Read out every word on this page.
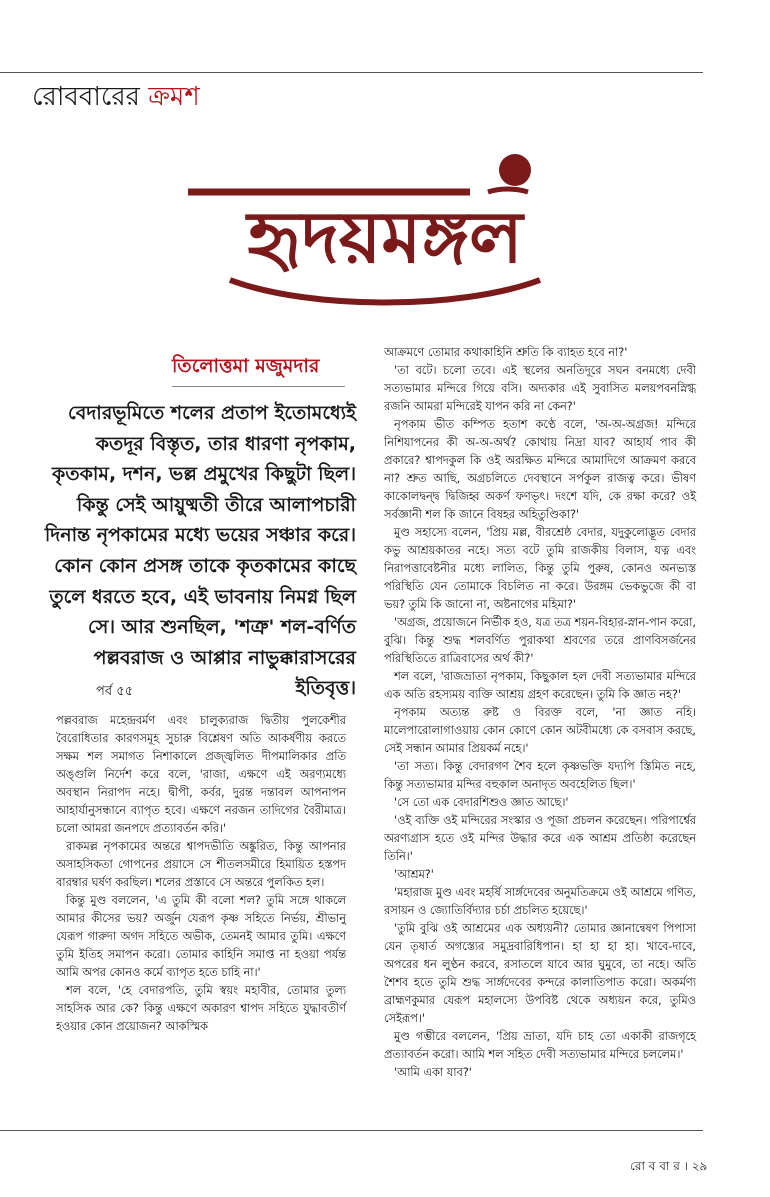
রোববারের ক্রমশ
হৃদয়মঙ্গল
তিলোত্তমা মজুমদার
বেদারভূমিতে শলের প্রতাপ ইতোমধ্যেই কতদূর বিস্তৃত, তার ধারণা নৃপকাম, কৃতকাম, দশন, ভল্ল প্রমুখের কিছুটা ছিল। কিন্তু সেই আয়ুষ্মতী তীরে আলাপচারী দিনান্ত নৃপকামের মধ্যে ভয়ের সঞ্চার করে। কোন কোন প্রসঙ্গ তাকে কৃতকামের কাছে তুলে ধরতে হবে, এই ভাবনায় নিমগ্ন ছিল সে। আর শুনছিল, 'শত্রু' শল-বর্ণিত পল্লবরাজ ও আপ্পার নাভুক্কারাসরের ইতিবৃত্ত।
পর্ব ৫৫

পল্লবরাজ মহেন্দ্রবর্মণ এবং চালুক্যরাজ দ্বিতীয় পুলকেশীর বৈরোধিতার কারণসমূহ সুচারু বিশ্লেষণ অতি আকর্ষণীয় করতে সক্ষম শল সমাগত নিশাকালে প্রজ্জ্বলিত দীপমালিকার প্রতি অঙ্গুলি নির্দেশ করে বলে, 'রাজা, এক্ষণে এই অরণ্যমধ্যে অবস্থান নিরাপদ নহে। দ্বীপী, কর্বর, দুরন্ত দন্তাবল আপনাপন আহার্যানুসন্ধানে ব্যাপৃত হবে। এক্ষণে নরজন তাদিগের বৈরীমাত্র। চলো আমরা জনপদে প্রত্যাবর্তন করি।'

রাকমল্ল নৃপকামের অন্তরে শ্বাপদভীতি অঙ্কুরিত, কিন্তু আপনার অসাহসিকতা গোপনের প্রয়াসে সে শীতলসমীরে হিমায়িত হস্তপদ বারম্বার ঘর্ষণ করছিল। শলের প্রস্তাবে সে অন্তরে পুলকিত হল।

কিন্তু মুণ্ড বললেন, 'এ তুমি কী বলো শল? তুমি সঙ্গে থাকলে আমার কীসের ভয়? অর্জুন যেরূপ কৃষ্ণ সহিতে নির্ভয়, শ্রীভানু যেরূপ গারুদা অগদ সহিতে অভীক, তেমনই আমার তুমি। এক্ষণে তুমি ইতিহ সমাপন করো। তোমার কাহিনি সমাপ্ত না হওয়া পর্যন্ত আমি অপর কোনও কর্মে ব্যাপৃত হতে চাহি না।'

শল বলে, 'হে বেদারপতি, তুমি স্বয়ং মহাবীর, তোমার তুল্য সাহসিক আর কে? কিন্তু এক্ষণে অকারণ শ্বাপদ সহিতে যুদ্ধাবতীর্ণ হওয়ার কোন প্রয়োজন? আকস্মিক

আক্রমণে তোমার কথাকাহিনি শ্রুতি কি ব্যাহত হবে না?'

'তা বটে। চলো তবে। এই স্থলের অনতিদূরে সঘন বনমধ্যে দেবী সত্যভামার মন্দিরে গিয়ে বসি। অদ্যকার এই সুবাসিত মলয়পবনস্নিগ্ধ রজনি আমরা মন্দিরেই যাপন করি না কেন?'

নৃপকাম ভীত কম্পিত হতাশ কণ্ঠে বলে, 'অ-অ-অগ্রজ! মন্দিরে নিশিযাপনের কী অ-অ-অর্থ? কোথায় নিদ্রা যাব? আহার্য পাব কী প্রকারে? শ্বাপদকুল কি ওই অরক্ষিত মন্দিরে আমাদিগে আক্রমণ করবে না? শ্রুত আছি, অগ্রচলিতে দেবস্থানে সর্পকুল রাজত্ব করে। ভীষণ কাকোলদ্বন্দ্ব দ্বিজিহ্ব অকর্ণ ফণভৃৎ। দংশে যদি, কে রক্ষা করে? ওই সর্বজ্ঞানী শল কি জানে বিষহর অহিতুণ্ডিকা?'

মুণ্ড সহাস্যে বলেন, 'প্রিয় মল্ল, বীরশ্রেষ্ঠ বেদার, যদুকুলোদ্ভূত বেদার কভু আশ্রয়কাতর নহে। সত্য বটে তুমি রাজকীয় বিলাস, যত্ন এবং নিরাপত্তাবেষ্টনীর মধ্যে লালিত, কিন্তু তুমি পুরুষ, কোনও অনভ্যস্ত পরিস্থিতি যেন তোমাকে বিচলিত না করে। উরঙ্গম ভেকভুজে কী বা ভয়? তুমি কি জানো না, অষ্টনাগের মহিমা?'

'অগ্রজ, প্রয়োজনে নির্ভীক হও, যত্র তত্র শয়ন-বিহার-স্নান-পান করো, বুঝি। কিন্তু শুদ্ধ শলবর্ণিত পুরাকথা শ্রবণের তরে প্রাণবিসর্জনের পরিস্থিতিতে রাত্রিবাসের অর্থ কী?'

শল বলে, 'রাজভ্রাতা নৃপকাম, কিছুকাল হল দেবী সত্যভামার মন্দিরে এক অতি রহস্যময় ব্যক্তি আশ্রয় গ্রহণ করেছেন। তুমি কি জ্ঞাত নহ?'

নৃপকাম অত্যন্ত রুষ্ট ও বিরক্ত বলে, 'না জ্ঞাত নহি। মালেপারোলাগাওয়ায় কোন কোণে কোন অটবীমধ্যে কে বসবাস করছে, সেই সন্ধান আমার প্রিয়কর্ম নহে।'

'তা সত্য। কিন্তু বেদারগণ শৈব হলে কৃষ্ণভক্তি যদ্যপি স্তিমিত নহে, কিন্তু সত্যভামার মন্দির বহুকাল অনাদৃত অবহেলিত ছিল।'

'সে তো এক বেদারশিশুও জ্ঞাত আছে।'

'ওই ব্যক্তি ওই মন্দিরের সংস্কার ও পূজা প্রচলন করেছেন। পরিপার্শ্বের অরণ্যগ্রাস হতে ওই মন্দির উদ্ধার করে এক আশ্রম প্রতিষ্ঠা করেছেন তিনি।'

'আশ্রম?'

'মহারাজ মুণ্ড এবং মহর্ষি সার্ঙ্গদেবের অনুমতিক্রমে ওই আশ্রমে গণিত, রসায়ন ও জ্যোতির্বিদ্যার চর্চা প্রচলিত হয়েছে।'

'তুমি বুঝি ওই আশ্রমের এক অধ্যয়নী? তোমার জ্ঞানান্বেষণ পিপাসা যেন তৃষার্ত অগস্ত্যের সমুদ্রবারিধিপান। হা হা হা হা। খাবে-দাবে, অপরের ধন লুণ্ঠন করবে, রসাতলে যাবে আর ঘুমুবে, তা নহে। অতি শৈশব হতে তুমি শুদ্ধ সার্ঙ্গদেবের কন্দরে কালাতিপাত করো। অকর্মণ্য ব্রাহ্মণকুমার যেরূপ মহালস্যে উপবিষ্ট থেকে অধ্যয়ন করে, তুমিও সেইরূপ।'

মুণ্ড গম্ভীরে বললেন, 'প্রিয় ভ্রাতা, যদি চাহ তো একাকী রাজগৃহে প্রত্যাবর্তন করো। আমি শল সহিত দেবী সত্যভামার মন্দিরে চললেম।'

'আমি একা যাব?'

রো ব বা র । ২৯
